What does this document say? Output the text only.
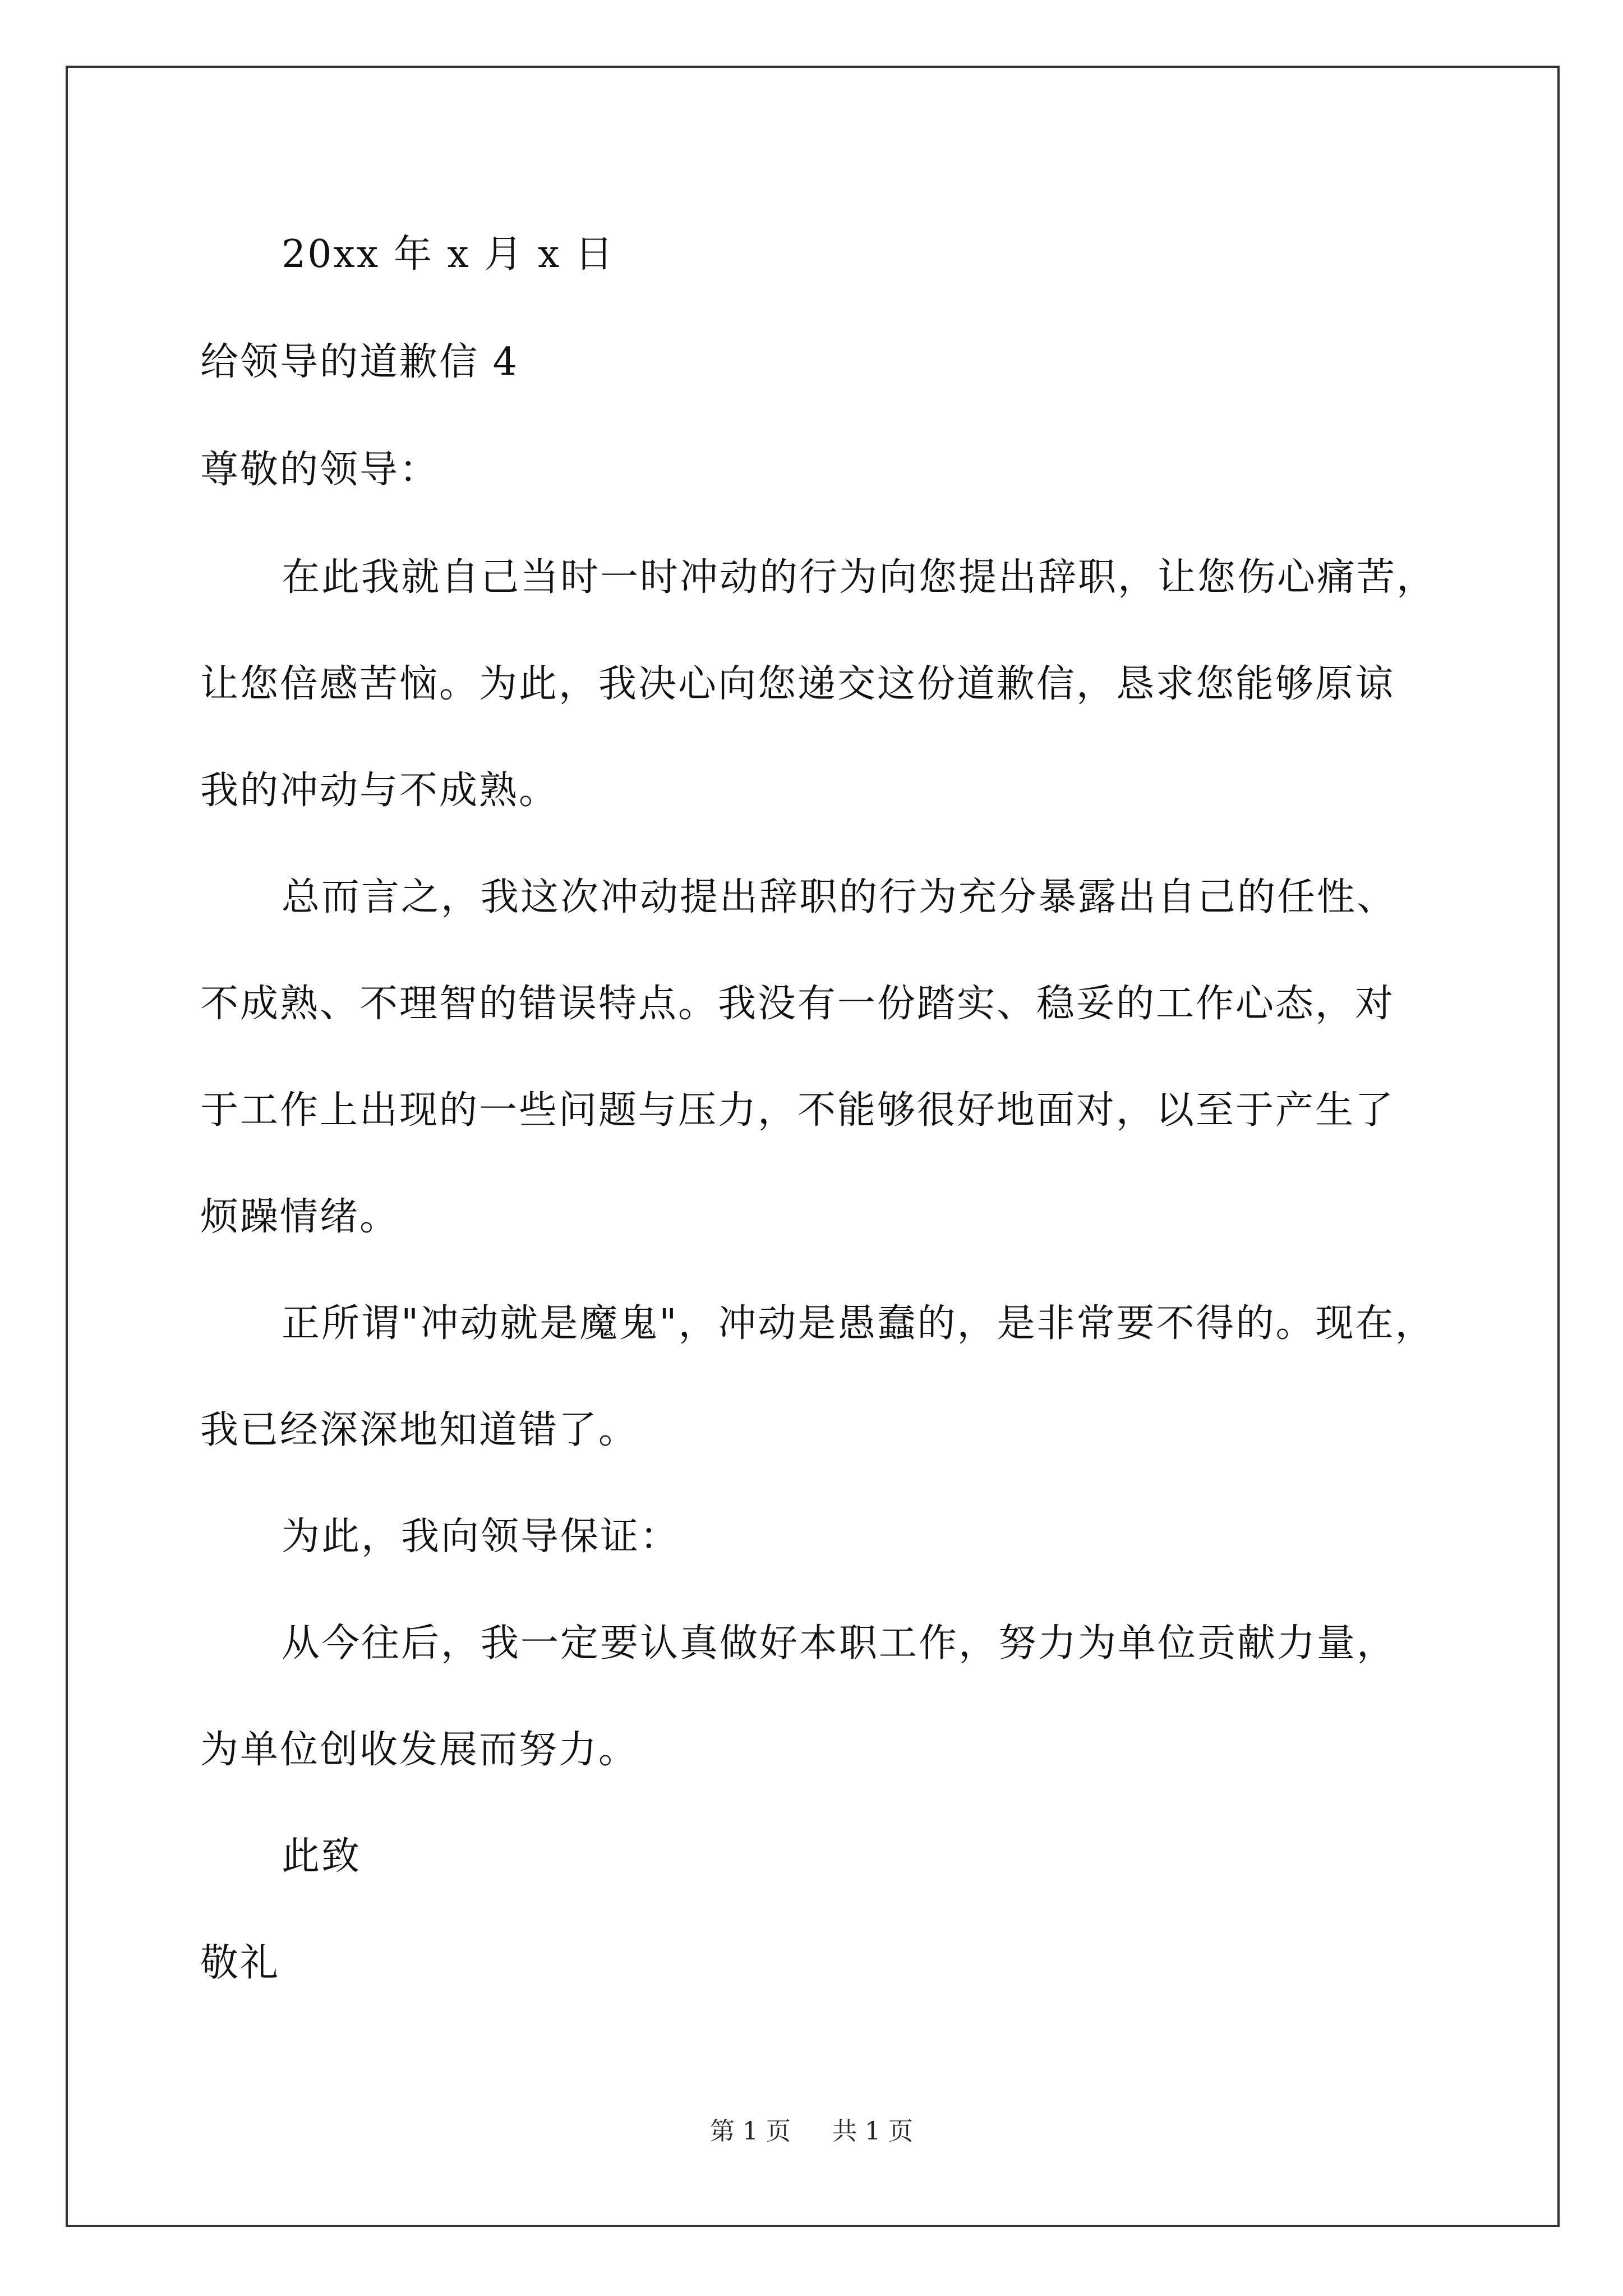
20xx 年 x 月 x 日

给领导的道歉信 4

尊敬的领导：

在此我就自己当时一时冲动的行为向您提出辞职，让您伤心痛苦，

让您倍感苦恼。为此，我决心向您递交这份道歉信，恳求您能够原谅

我的冲动与不成熟。

总而言之，我这次冲动提出辞职的行为充分暴露出自己的任性、

不成熟、不理智的错误特点。我没有一份踏实、稳妥的工作心态，对

于工作上出现的一些问题与压力，不能够很好地面对，以至于产生了

烦躁情绪。

正所谓"冲动就是魔鬼"，冲动是愚蠢的，是非常要不得的。现在，

我已经深深地知道错了。

为此，我向领导保证：

从今往后，我一定要认真做好本职工作，努力为单位贡献力量，

为单位创收发展而努力。

此致

敬礼

第 1 页 共 1 页
